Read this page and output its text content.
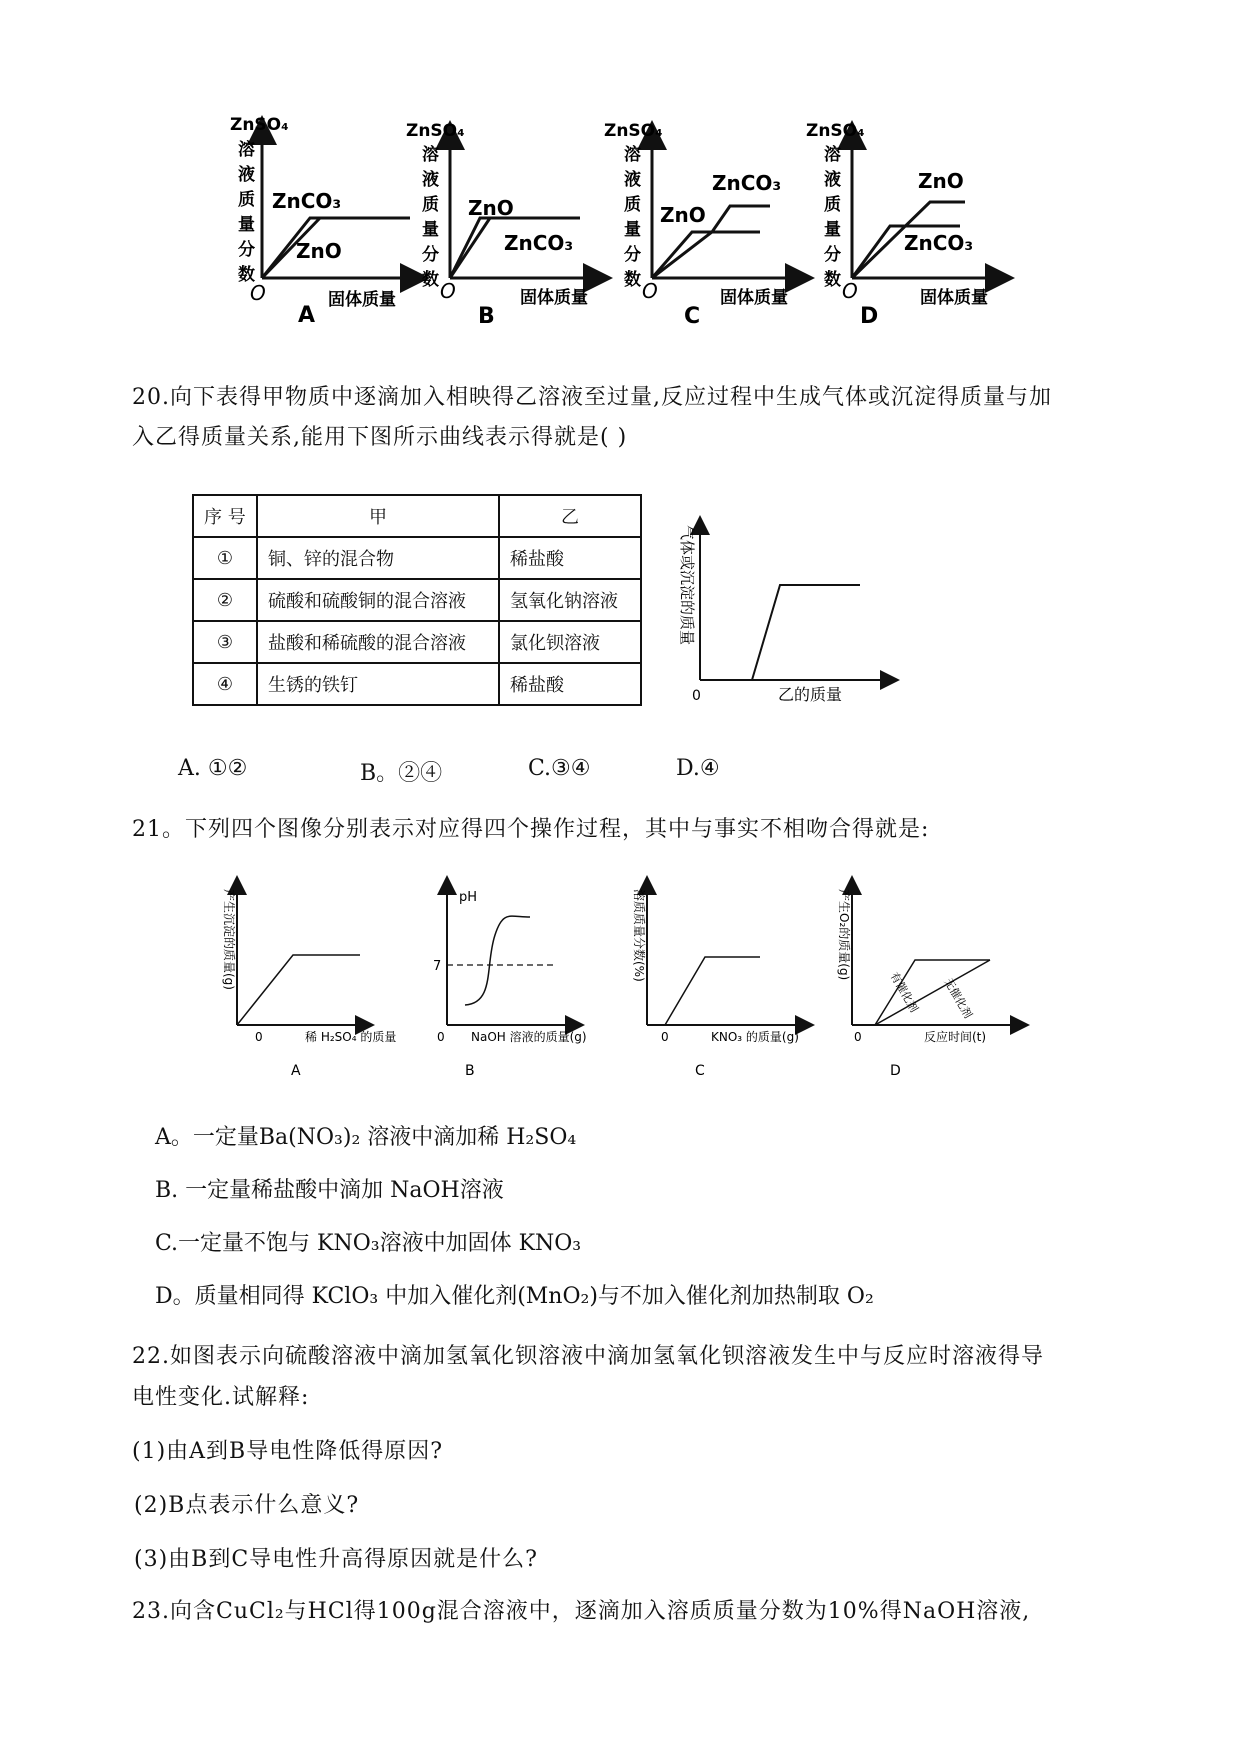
ZnSO₄
溶
液
质
量
分
数
O
ZnCO₃
ZnO
固体质量
A
ZnSO₄
溶
液
质
量
分
数 O
ZnO
ZnCO₃
固体质量
B
ZnSO₄
溶
液
质
量
分
数 O
ZnCO₃
ZnO
固体质量
C
ZnSO₄
溶
液
质
量
分
数 O
ZnO
ZnCO₃
固体质量
D
20.向下表得甲物质中逐滴加入相映得乙溶液至过量,反应过程中生成气体或沉淀得质量与加
入乙得质量关系,能用下图所示曲线表示得就是( )
序 号	甲	乙
①	铜、锌的混合物	稀盐酸
②	硫酸和硫酸铜的混合溶液	氢氧化钠溶液
③	盐酸和稀硫酸的混合溶液	氯化钡溶液
④	生锈的铁钉	稀盐酸
气体或沉淀的质量
0	乙的质量
A. ①②	B。②④	C.③④	D.④
21。下列四个图像分别表示对应得四个操作过程，其中与事实不相吻合得就是:
产生沉淀的质量(g)
0	稀 H₂SO₄ 的质量
A
pH
7
0 NaOH 溶液的质量(g)
B
溶质质量分数(%)
0	KNO₃ 的质量(g)
C
产生O₂的质量(g)
0	反应时间(t)
有催化剂 无催化剂
D
A。一定量Ba(NO₃)₂ 溶液中滴加稀 H₂SO₄
B. 一定量稀盐酸中滴加 NaOH溶液
C.一定量不饱与 KNO₃溶液中加固体 KNO₃
D。质量相同得 KClO₃ 中加入催化剂(MnO₂)与不加入催化剂加热制取 O₂
22.如图表示向硫酸溶液中滴加氢氧化钡溶液中滴加氢氧化钡溶液发生中与反应时溶液得导
电性变化.试解释:
(1)由A到B导电性降低得原因?
(2)B点表示什么意义?
(3)由B到C导电性升高得原因就是什么?
23.向含CuCl₂与HCl得100g混合溶液中，逐滴加入溶质质量分数为10%得NaOH溶液,
